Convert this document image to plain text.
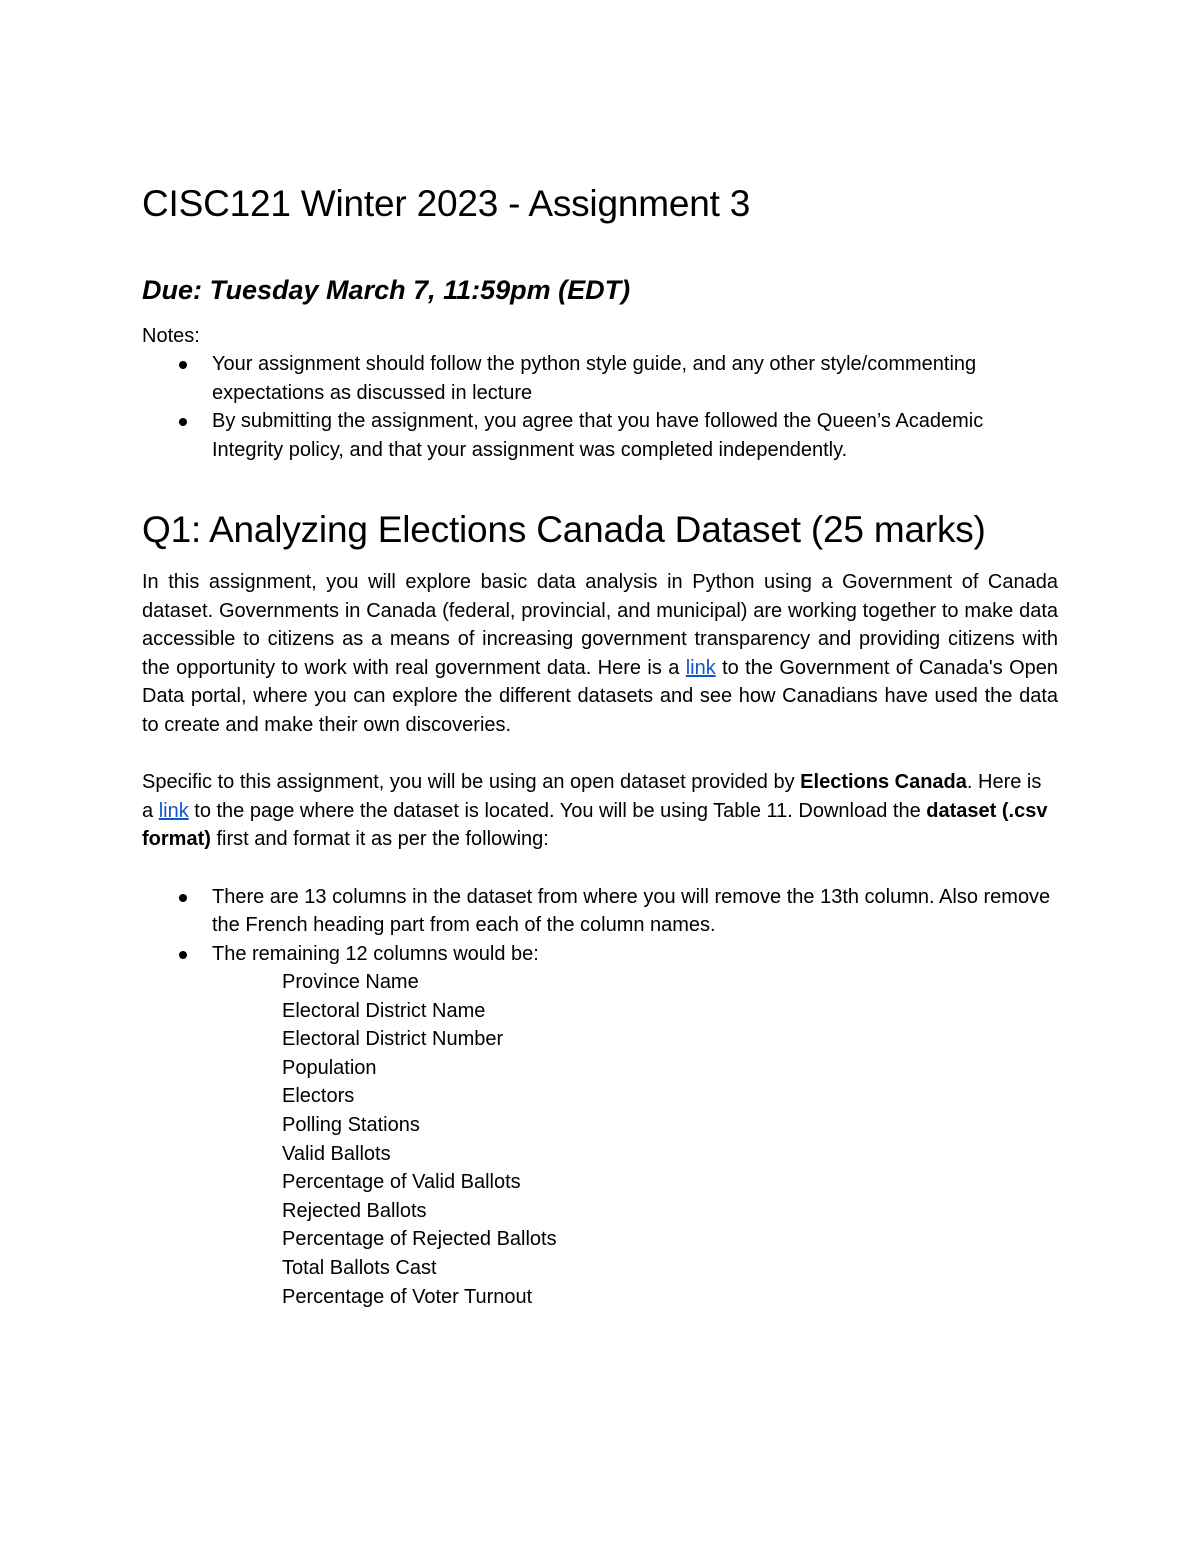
CISC121 Winter 2023 - Assignment 3
Due: Tuesday March 7, 11:59pm (EDT)

Notes:

Your assignment should follow the python style guide, and any other style/commenting expectations as discussed in lecture
By submitting the assignment, you agree that you have followed the Queen’s Academic Integrity policy, and that your assignment was completed independently.
Q1: Analyzing Elections Canada Dataset (25 marks)

In this assignment, you will explore basic data analysis in Python using a Government of Canada dataset. Governments in Canada (federal, provincial, and municipal) are working together to make data accessible to citizens as a means of increasing government transparency and providing citizens with the opportunity to work with real government data. Here is a link to the Government of Canada's Open Data portal, where you can explore the different datasets and see how Canadians have used the data to create and make their own discoveries.

Specific to this assignment, you will be using an open dataset provided by Elections Canada. Here is a link to the page where the dataset is located. You will be using Table 11. Download the dataset (.csv format) first and format it as per the following:

There are 13 columns in the dataset from where you will remove the 13th column. Also remove the French heading part from each of the column names.
The remaining 12 columns would be:
Province Name
Electoral District Name
Electoral District Number
Population
Electors
Polling Stations
Valid Ballots
Percentage of Valid Ballots
Rejected Ballots
Percentage of Rejected Ballots
Total Ballots Cast
Percentage of Voter Turnout
